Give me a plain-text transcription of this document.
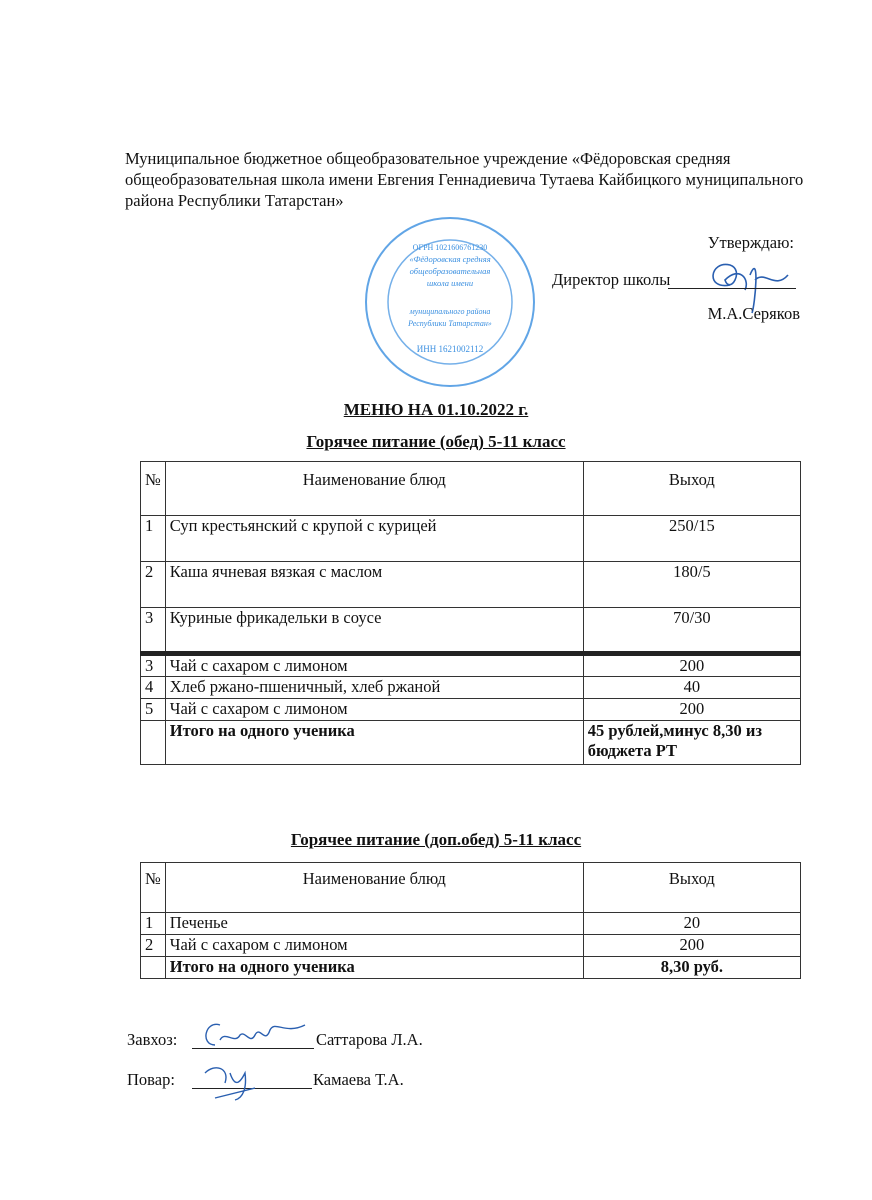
Муниципальное бюджетное общеобразовательное учреждение «Фёдоровская средняя общеобразовательная школа имени Евгения Геннадиевича Тутаева Кайбицкого муниципального района Республики Татарстан»
«Фёдоровская средняя
общеобразовательная
школа имени
муниципального района
Республики Татарстан»
ИНН 1621002112
ОГРН 1021606761230	Утверждаю:
Директор школы
М.А.Серяков
МЕНЮ НА 01.10.2022 г.
Горячее питание (обед) 5-11 класс
№	Наименование блюд	Выход
1	Суп крестьянский с крупой с курицей	250/15
2	Каша ячневая вязкая с маслом	180/5
3	Куриные фрикадельки в соусе	70/30
3	Чай с сахаром с лимоном	200
4	Хлеб ржано-пшеничный, хлеб ржаной	40
5	Чай с сахаром с лимоном	200
	Итого на одного ученика	45 рублей,минус 8,30 из бюджета РТ
Горячее питание (доп.обед) 5-11 класс
№	Наименование блюд	Выход
1	Печенье	20
2	Чай с сахаром с лимоном	200
	Итого на одного ученика	8,30 руб.
Завхоз:	Саттарова Л.А.
Повар:	Камаева Т.А.
